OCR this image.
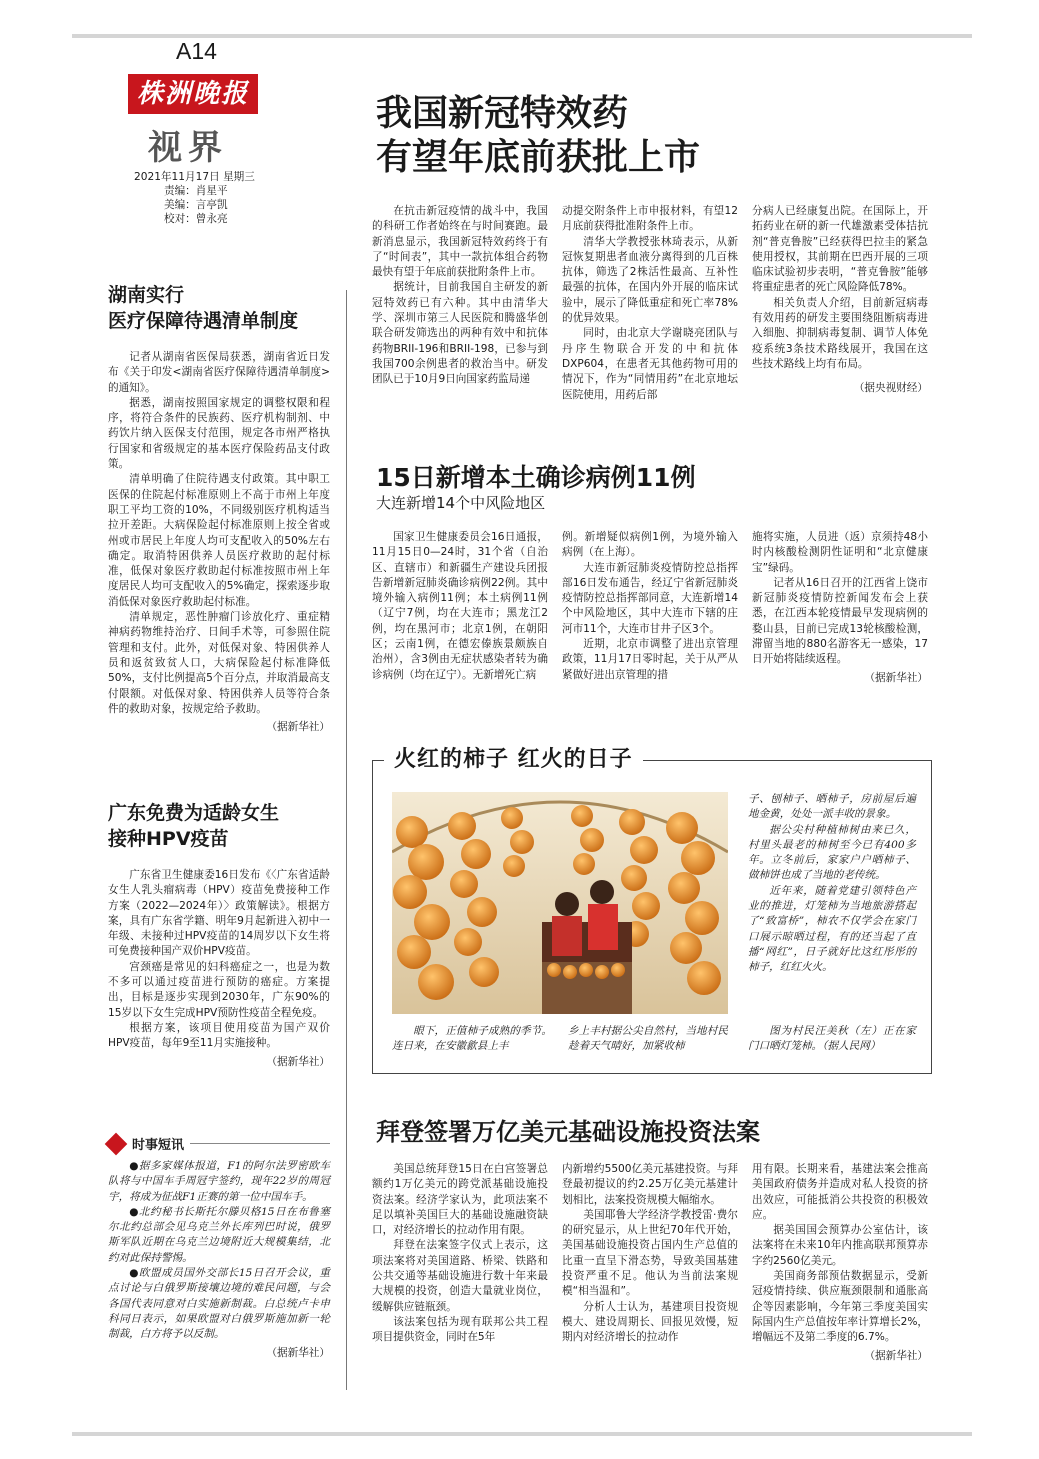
A14
株洲晚报
视界
2021年11月17日 星期三
责编：肖星平
美编：言亭凯
校对：曾永亮
湖南实行
医疗保障待遇清单制度

记者从湖南省医保局获悉，湖南省近日发布《关于印发<湖南省医疗保障待遇清单制度>的通知》。

据悉，湖南按照国家规定的调整权限和程序，将符合条件的民族药、医疗机构制剂、中药饮片纳入医保支付范围，规定各市州严格执行国家和省级规定的基本医疗保险药品支付政策。

清单明确了住院待遇支付政策。其中职工医保的住院起付标准原则上不高于市州上年度职工平均工资的10%，不同级别医疗机构适当拉开差距。大病保险起付标准原则上按全省或州或市居民上年度人均可支配收入的50%左右确定。取消特困供养人员医疗救助的起付标准，低保对象医疗救助起付标准按照市州上年度居民人均可支配收入的5%确定，探索逐步取消低保对象医疗救助起付标准。

清单规定，恶性肿瘤门诊放化疗、重症精神病药物维持治疗、日间手术等，可参照住院管理和支付。此外，对低保对象、特困供养人员和返贫致贫人口，大病保险起付标准降低50%，支付比例提高5个百分点，并取消最高支付限额。对低保对象、特困供养人员等符合条件的救助对象，按规定给予救助。

（据新华社）

广东免费为适龄女生
接种HPV疫苗

广东省卫生健康委16日发布《〈广东省适龄女生人乳头瘤病毒（HPV）疫苗免费接种工作方案（2022—2024年）〉政策解读》。根据方案，具有广东省学籍、明年9月起新进入初中一年级、未接种过HPV疫苗的14周岁以下女生将可免费接种国产双价HPV疫苗。

宫颈癌是常见的妇科癌症之一，也是为数不多可以通过疫苗进行预防的癌症。方案提出，目标是逐步实现到2030年，广东90%的15岁以下女生完成HPV预防性疫苗全程免疫。

根据方案，该项目使用疫苗为国产双价HPV疫苗，每年9至11月实施接种。

（据新华社）

时事短讯

●据多家媒体报道，F1的阿尔法罗密欧车队将与中国车手周冠宇签约，现年22岁的周冠宇，将成为征战F1正赛的第一位中国车手。

●北约秘书长斯托尔滕贝格15日在布鲁塞尔北约总部会见乌克兰外长库列巴时说，俄罗斯军队近期在乌克兰边境附近大规模集结，北约对此保持警惕。

●欧盟成员国外交部长15日召开会议，重点讨论与白俄罗斯接壤边境的难民问题，与会各国代表同意对白实施新制裁。白总统卢卡申科同日表示，如果欧盟对白俄罗斯施加新一轮制裁，白方将予以反制。

（据新华社）

我国新冠特效药
有望年底前获批上市

在抗击新冠疫情的战斗中，我国的科研工作者始终在与时间赛跑。最新消息显示，我国新冠特效药终于有了“时间表”，其中一款抗体组合药物最快有望于年底前获批附条件上市。

据统计，目前我国自主研发的新冠特效药已有六种。其中由清华大学、深圳市第三人民医院和腾盛华创联合研发筛选出的两种有效中和抗体药物BRII-196和BRII-198，已参与到我国700余例患者的救治当中。研发团队已于10月9日向国家药监局递

动提交附条件上市申报材料，有望12月底前获得批准附条件上市。

清华大学教授张林琦表示，从新冠恢复期患者血液分离得到的几百株抗体，筛选了2株活性最高、互补性最强的抗体，在国内外开展的临床试验中，展示了降低重症和死亡率78%的优异效果。

同时，由北京大学谢晓亮团队与丹序生物联合开发的中和抗体DXP604，在患者无其他药物可用的情况下，作为“同情用药”在北京地坛医院使用，用药后部

分病人已经康复出院。在国际上，开拓药业在研的新一代雄激素受体拮抗剂“普克鲁胺”已经获得巴拉圭的紧急使用授权，其前期在巴西开展的三项临床试验初步表明，“普克鲁胺”能够将重症患者的死亡风险降低78%。

相关负责人介绍，目前新冠病毒有效用药的研发主要围绕阻断病毒进入细胞、抑制病毒复制、调节人体免疫系统3条技术路线展开，我国在这些技术路线上均有布局。

（据央视财经）

15日新增本土确诊病例11例
大连新增14个中风险地区

国家卫生健康委员会16日通报，11月15日0—24时，31个省（自治区、直辖市）和新疆生产建设兵团报告新增新冠肺炎确诊病例22例。其中境外输入病例11例；本土病例11例（辽宁7例，均在大连市；黑龙江2例，均在黑河市；北京1例，在朝阳区；云南1例，在德宏傣族景颇族自治州），含3例由无症状感染者转为确诊病例（均在辽宁）。无新增死亡病

例。新增疑似病例1例，为境外输入病例（在上海）。

大连市新冠肺炎疫情防控总指挥部16日发布通告，经辽宁省新冠肺炎疫情防控总指挥部同意，大连新增14个中风险地区，其中大连市下辖的庄河市11个，大连市甘井子区3个。

近期，北京市调整了进出京管理政策，11月17日零时起，关于从严从紧做好进出京管理的措

施将实施，人员进（返）京须持48小时内核酸检测阴性证明和“北京健康宝”绿码。

记者从16日召开的江西省上饶市新冠肺炎疫情防控新闻发布会上获悉，在江西本轮疫情最早发现病例的婺山县，目前已完成13轮核酸检测，滞留当地的880名游客无一感染，17日开始将陆续返程。

（据新华社）

火红的柿子 红火的日子

子、刨柿子、晒柿子，房前屋后遍地金黄，处处一派丰收的景象。

据公尖村种植柿树由来已久，村里头最老的柿树至今已有400多年。立冬前后，家家户户晒柿子、做柿饼也成了当地的老传统。

近年来，随着党建引领特色产业的推进，灯笼柿为当地旅游搭起了“致富桥”，柿农不仅学会在家门口展示晾晒过程，有的还当起了直播“网红”，日子就好比这红彤彤的柿子，红红火火。

眼下，正值柿子成熟的季节。连日来，在安徽歙县上丰

乡上丰村据公尖自然村，当地村民趁着天气晴好，加紧收柿

图为村民汪美秋（左）正在家门口晒灯笼柿。（据人民网）

拜登签署万亿美元基础设施投资法案

美国总统拜登15日在白宫签署总额约1万亿美元的跨党派基础设施投资法案。经济学家认为，此项法案不足以填补美国巨大的基础设施融资缺口，对经济增长的拉动作用有限。

拜登在法案签字仪式上表示，这项法案将对美国道路、桥梁、铁路和公共交通等基础设施进行数十年来最大规模的投资，创造大量就业岗位，缓解供应链瓶颈。

该法案包括为现有联邦公共工程项目提供资金，同时在5年

内新增约5500亿美元基建投资。与拜登最初提议的约2.25万亿美元基建计划相比，法案投资规模大幅缩水。

美国耶鲁大学经济学教授雷·费尔的研究显示，从上世纪70年代开始，美国基础设施投资占国内生产总值的比重一直呈下滑态势，导致美国基建投资严重不足。他认为当前法案规模“相当温和”。

分析人士认为，基建项目投资规模大、建设周期长、回报见效慢，短期内对经济增长的拉动作

用有限。长期来看，基建法案会推高美国政府债务并造成对私人投资的挤出效应，可能抵消公共投资的积极效应。

据美国国会预算办公室估计，该法案将在未来10年内推高联邦预算赤字约2560亿美元。

美国商务部预估数据显示，受新冠疫情持续、供应瓶颈限制和通胀高企等因素影响，今年第三季度美国实际国内生产总值按年率计算增长2%，增幅远不及第二季度的6.7%。

（据新华社）
